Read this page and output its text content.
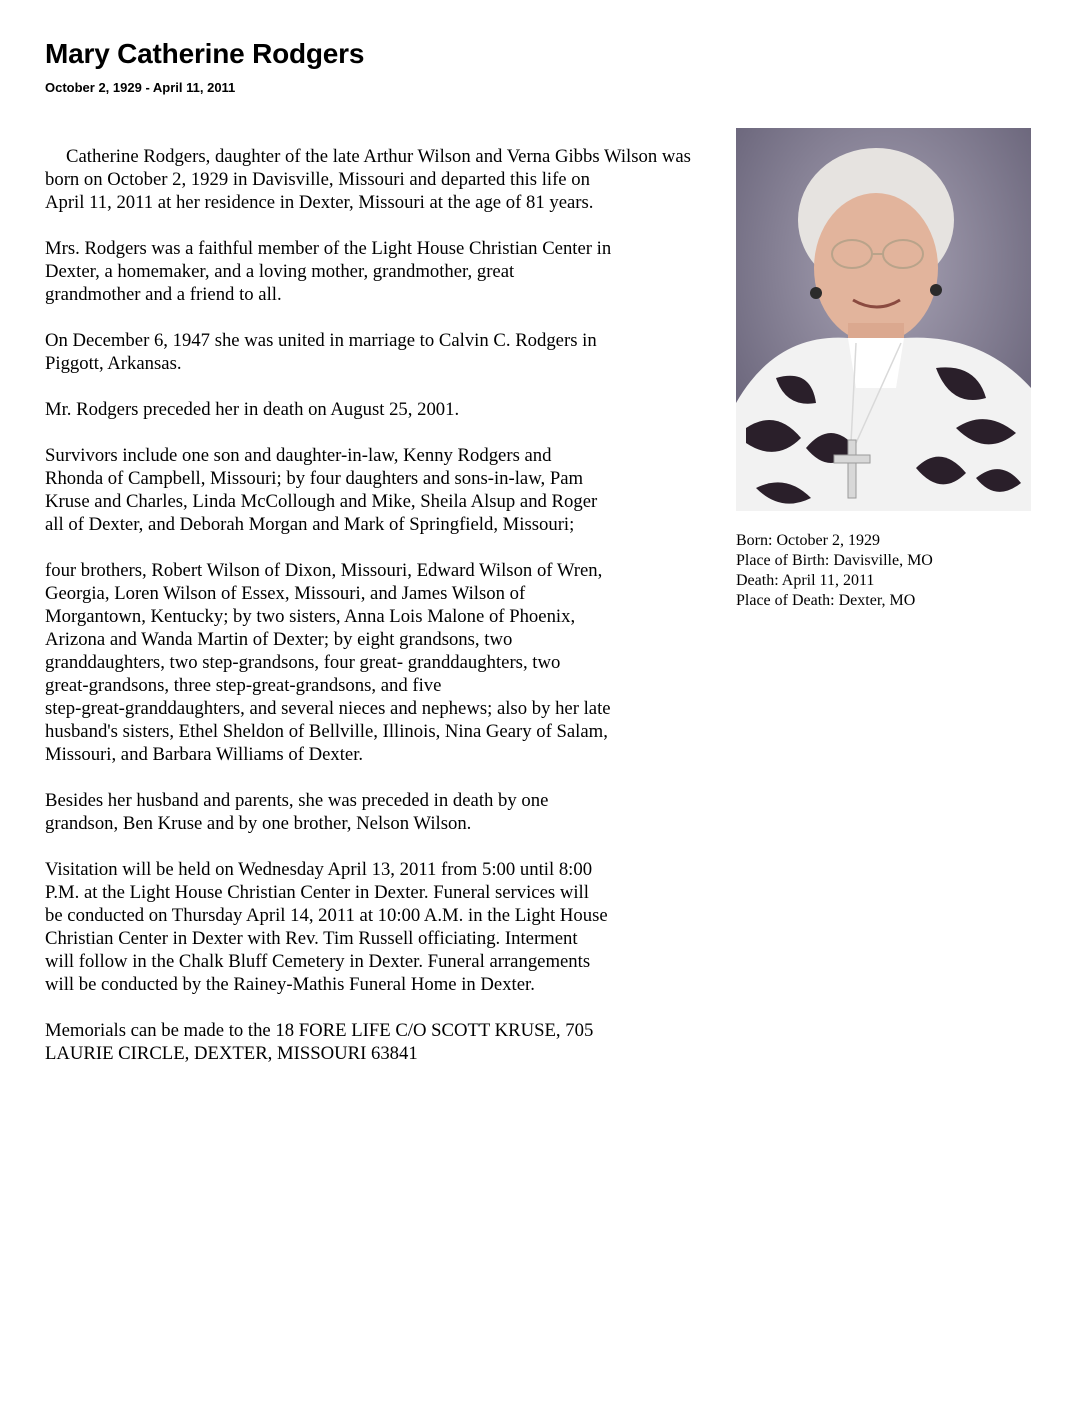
Mary Catherine Rodgers
October 2, 1929 - April 11, 2011

Catherine Rodgers, daughter of the late Arthur Wilson and Verna Gibbs Wilson was
born on October 2, 1929 in Davisville, Missouri and departed this life on
April 11, 2011 at her residence in Dexter, Missouri at the age of 81 years.

Mrs. Rodgers was a faithful member of the Light House Christian Center in
Dexter, a homemaker, and a loving mother, grandmother, great
grandmother and a friend to all.

On December 6, 1947 she was united in marriage to Calvin C. Rodgers in
Piggott, Arkansas.

Mr. Rodgers preceded her in death on August 25, 2001.

Survivors include one son and daughter-in-law, Kenny Rodgers and
Rhonda of Campbell, Missouri; by four daughters and sons-in-law, Pam
Kruse and Charles, Linda McCollough and Mike, Sheila Alsup and Roger
all of Dexter, and Deborah Morgan and Mark of Springfield, Missouri;

four brothers, Robert Wilson of Dixon, Missouri, Edward Wilson of Wren,
Georgia, Loren Wilson of Essex, Missouri, and James Wilson of
Morgantown, Kentucky; by two sisters, Anna Lois Malone of Phoenix,
Arizona and Wanda Martin of Dexter; by eight grandsons, two
granddaughters, two step-grandsons, four great- granddaughters, two
great-grandsons, three step-great-grandsons, and five
step-great-granddaughters, and several nieces and nephews; also by her late
husband's sisters, Ethel Sheldon of Bellville, Illinois, Nina Geary of Salam,
Missouri, and Barbara Williams of Dexter.

Besides her husband and parents, she was preceded in death by one
grandson, Ben Kruse and by one brother, Nelson Wilson.

Visitation will be held on Wednesday April 13, 2011 from 5:00 until 8:00
P.M. at the Light House Christian Center in Dexter. Funeral services will
be conducted on Thursday April 14, 2011 at 10:00 A.M. in the Light House
Christian Center in Dexter with Rev. Tim Russell officiating. Interment
will follow in the Chalk Bluff Cemetery in Dexter. Funeral arrangements
will be conducted by the Rainey-Mathis Funeral Home in Dexter.

Memorials can be made to the 18 FORE LIFE C/O SCOTT KRUSE, 705
LAURIE CIRCLE, DEXTER, MISSOURI 63841

Born: October 2, 1929
Place of Birth: Davisville, MO
Death: April 11, 2011
Place of Death: Dexter, MO
